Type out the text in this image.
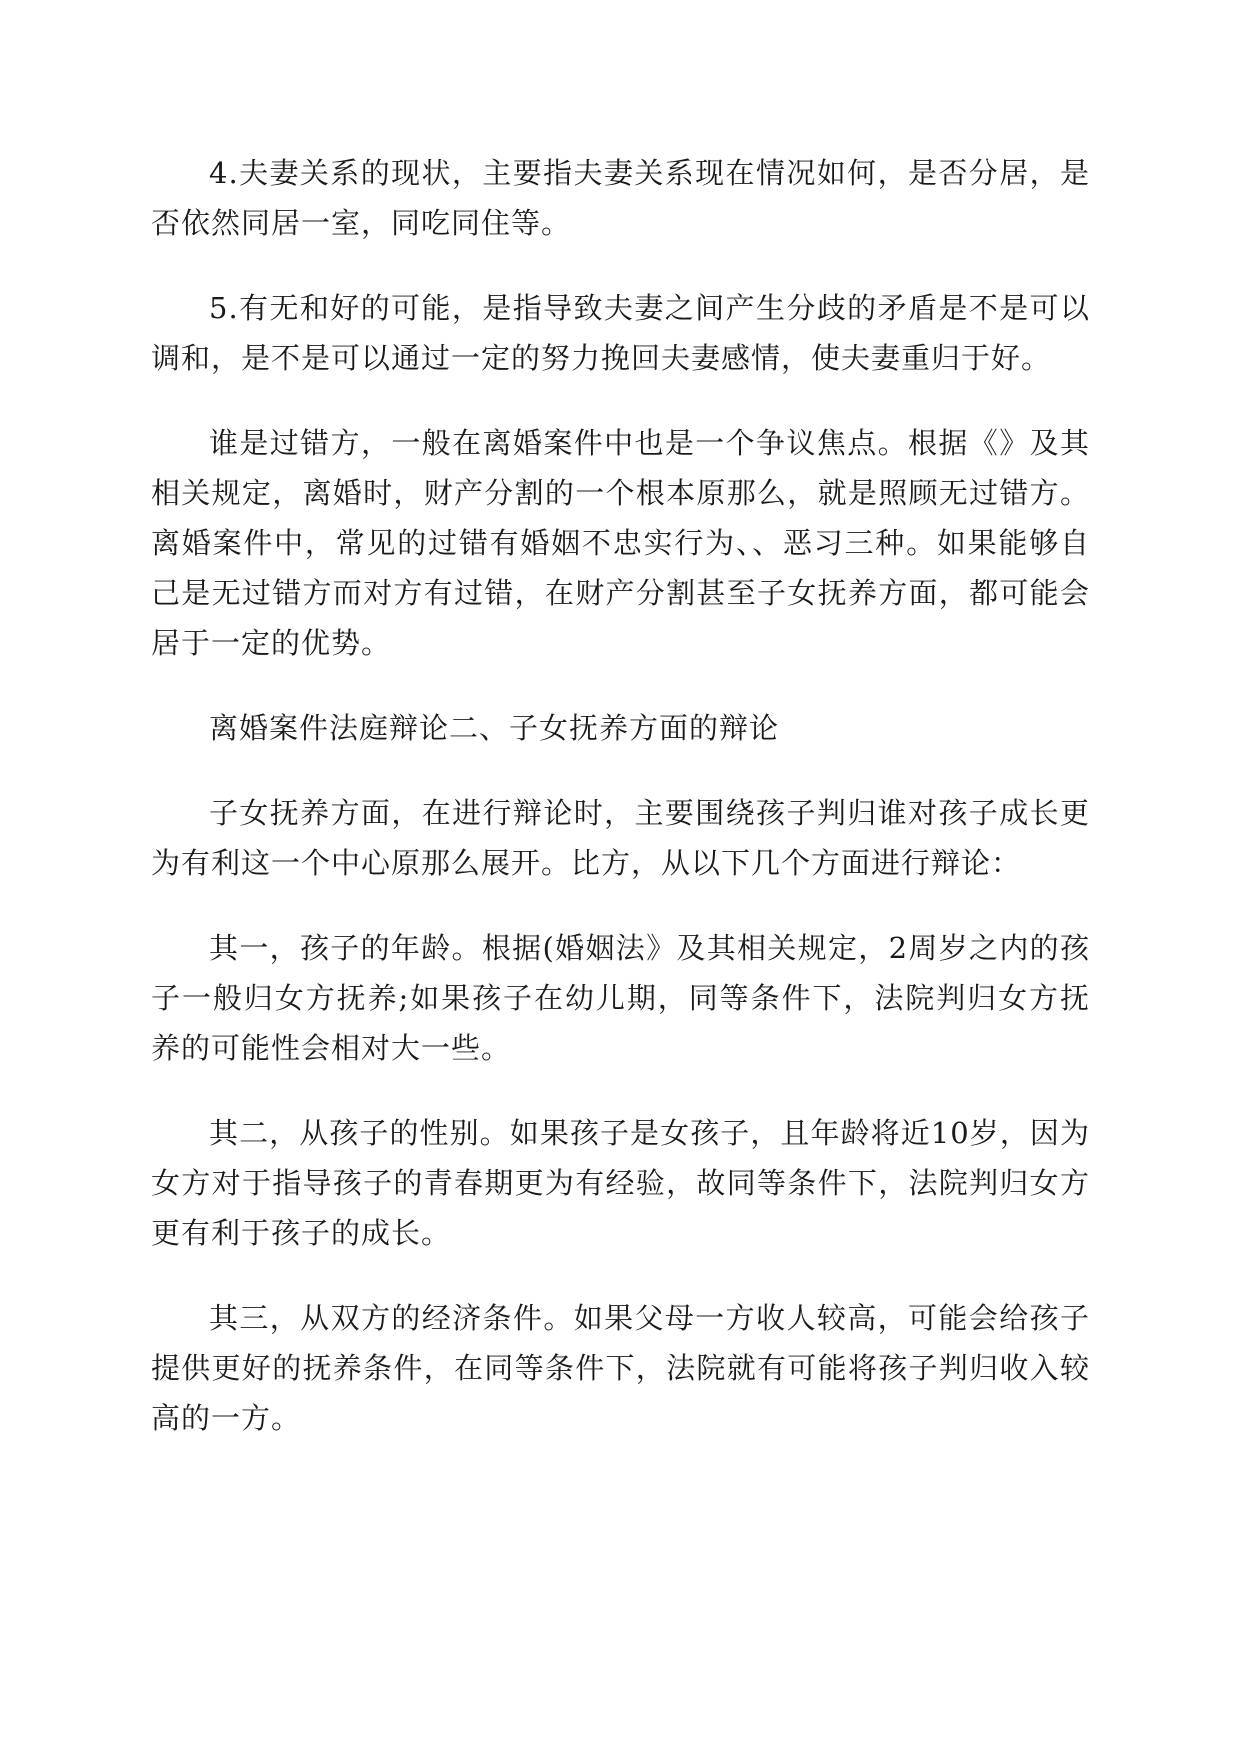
4.夫妻关系的现状，主要指夫妻关系现在情况如何，是否分居，是否依然同居一室，同吃同住等。

5.有无和好的可能，是指导致夫妻之间产生分歧的矛盾是不是可以调和，是不是可以通过一定的努力挽回夫妻感情，使夫妻重归于好。

谁是过错方，一般在离婚案件中也是一个争议焦点。根据《》及其相关规定，离婚时，财产分割的一个根本原那么，就是照顾无过错方。离婚案件中，常见的过错有婚姻不忠实行为、、恶习三种。如果能够自己是无过错方而对方有过错，在财产分割甚至子女抚养方面，都可能会居于一定的优势。

离婚案件法庭辩论二、子女抚养方面的辩论

子女抚养方面，在进行辩论时，主要围绕孩子判归谁对孩子成长更为有利这一个中心原那么展开。比方，从以下几个方面进行辩论：

其一，孩子的年龄。根据(婚姻法》及其相关规定，2周岁之内的孩子一般归女方抚养;如果孩子在幼儿期，同等条件下，法院判归女方抚养的可能性会相对大一些。

其二，从孩子的性别。如果孩子是女孩子，且年龄将近10岁，因为女方对于指导孩子的青春期更为有经验，故同等条件下，法院判归女方更有利于孩子的成长。

其三，从双方的经济条件。如果父母一方收人较高，可能会给孩子提供更好的抚养条件，在同等条件下，法院就有可能将孩子判归收入较高的一方。
